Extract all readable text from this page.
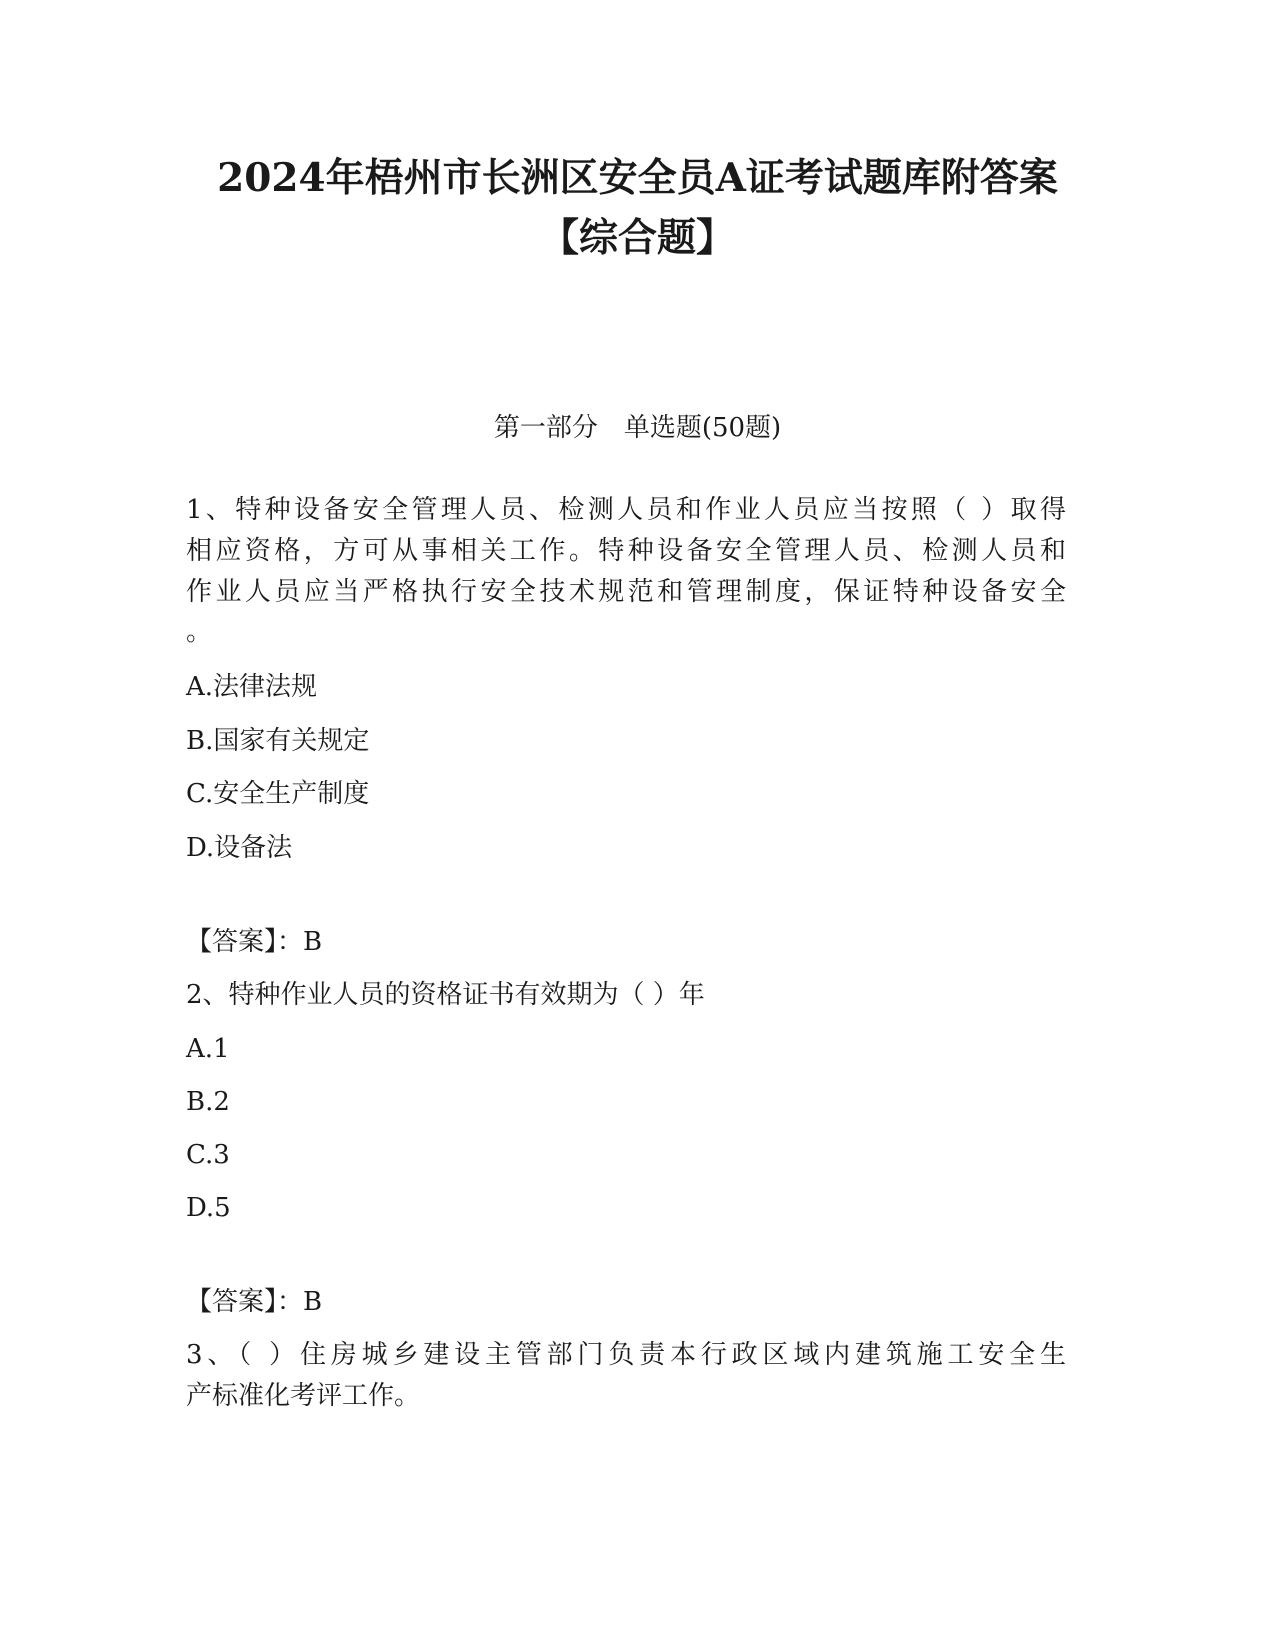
2024年梧州市长洲区安全员A证考试题库附答案
【综合题】
第一部分　单选题(50题)
1、特种设备安全管理人员、检测人员和作业人员应当按照（ ）取得
相应资格，方可从事相关工作。特种设备安全管理人员、检测人员和
作业人员应当严格执行安全技术规范和管理制度，保证特种设备安全
。
A.法律法规
B.国家有关规定
C.安全生产制度
D.设备法
【答案】：B
2、特种作业人员的资格证书有效期为（ ）年
A.1
B.2
C.3
D.5
【答案】：B
3、（ ）住房城乡建设主管部门负责本行政区域内建筑施工安全生
产标准化考评工作。
